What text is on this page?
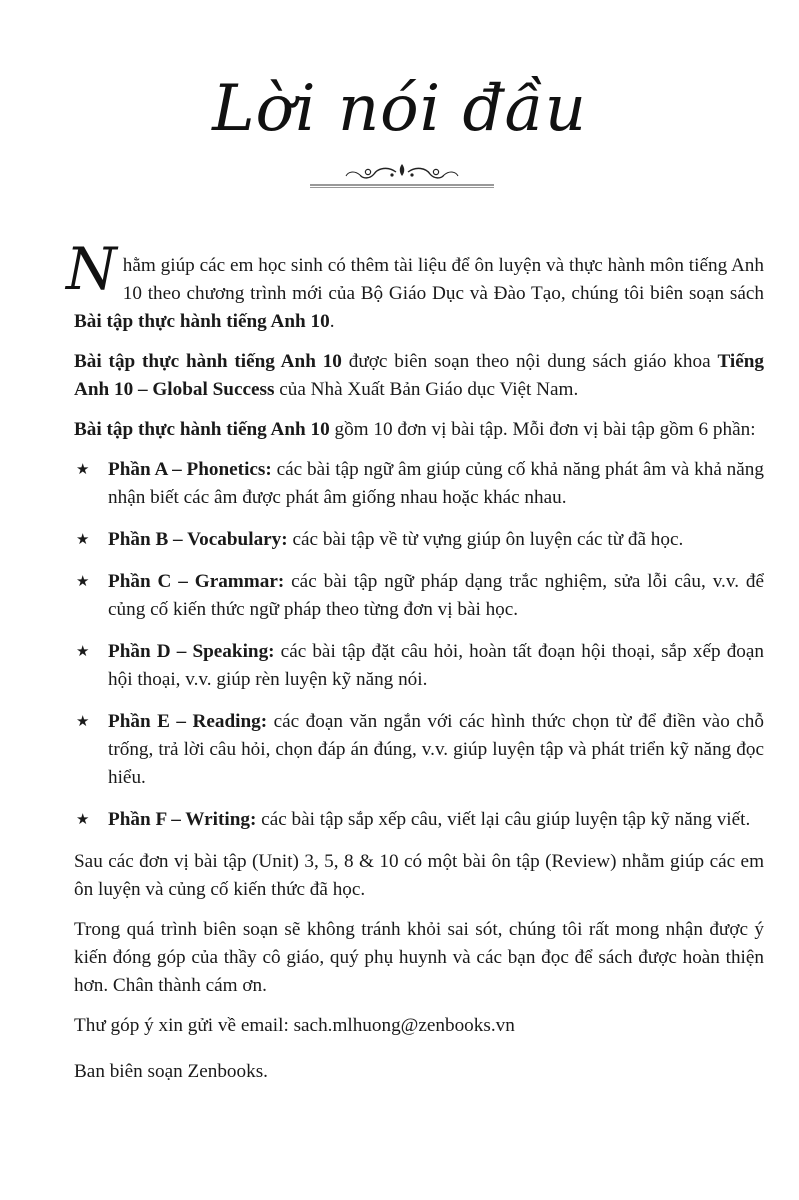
Lời nói đầu

Nhằm giúp các em học sinh có thêm tài liệu để ôn luyện và thực hành môn tiếng Anh 10 theo chương trình mới của Bộ Giáo Dục và Đào Tạo, chúng tôi biên soạn sách Bài tập thực hành tiếng Anh 10.

Bài tập thực hành tiếng Anh 10 được biên soạn theo nội dung sách giáo khoa Tiếng Anh 10 – Global Success của Nhà Xuất Bản Giáo dục Việt Nam.

Bài tập thực hành tiếng Anh 10 gồm 10 đơn vị bài tập. Mỗi đơn vị bài tập gồm 6 phần:

★ Phần A – Phonetics: các bài tập ngữ âm giúp củng cố khả năng phát âm và khả năng nhận biết các âm được phát âm giống nhau hoặc khác nhau.
★ Phần B – Vocabulary: các bài tập về từ vựng giúp ôn luyện các từ đã học.
★ Phần C – Grammar: các bài tập ngữ pháp dạng trắc nghiệm, sửa lỗi câu, v.v. để củng cố kiến thức ngữ pháp theo từng đơn vị bài học.
★ Phần D – Speaking: các bài tập đặt câu hỏi, hoàn tất đoạn hội thoại, sắp xếp đoạn hội thoại, v.v. giúp rèn luyện kỹ năng nói.
★ Phần E – Reading: các đoạn văn ngắn với các hình thức chọn từ để điền vào chỗ trống, trả lời câu hỏi, chọn đáp án đúng, v.v. giúp luyện tập và phát triển kỹ năng đọc hiểu.
★ Phần F – Writing: các bài tập sắp xếp câu, viết lại câu giúp luyện tập kỹ năng viết.

Sau các đơn vị bài tập (Unit) 3, 5, 8 & 10 có một bài ôn tập (Review) nhằm giúp các em ôn luyện và củng cố kiến thức đã học.

Trong quá trình biên soạn sẽ không tránh khỏi sai sót, chúng tôi rất mong nhận được ý kiến đóng góp của thầy cô giáo, quý phụ huynh và các bạn đọc để sách được hoàn thiện hơn. Chân thành cám ơn.

Thư góp ý xin gửi về email: sach.mlhuong@zenbooks.vn

Ban biên soạn Zenbooks.
